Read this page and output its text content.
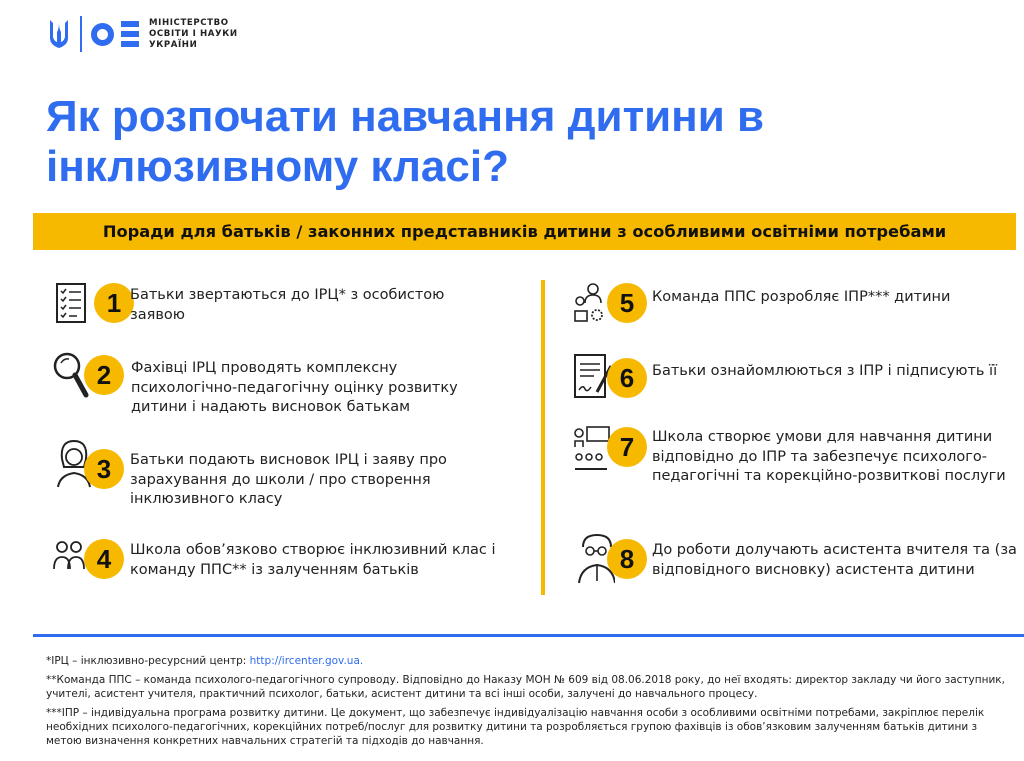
МІНІСТЕРСТВО
ОСВІТИ І НАУКИ
УКРАЇНИ
Як розпочати навчання дитини в інклюзивному класі?
Поради для батьків / законних представників дитини з особливими освітніми потребами
1 Батьки звертаються до ІРЦ* з особистою заявою
2 Фахівці ІРЦ проводять комплексну психологічно-педагогічну оцінку розвитку дитини і надають висновок батькам
3 Батьки подають висновок ІРЦ і заяву про зарахування до школи / про створення інклюзивного класу
4 Школа обов’язково створює інклюзивний клас і команду ППС** із залученням батьків
5 Команда ППС розробляє ІПР*** дитини
6 Батьки ознайомлюються з ІПР і підписують її
7 Школа створює умови для навчання дитини відповідно до ІПР та забезпечує психолого-педагогічні та корекційно-розвиткові послуги
8 До роботи долучають асистента вчителя та (за відповідного висновку) асистента дитини

*ІРЦ – інклюзивно-ресурсний центр: http://ircenter.gov.ua.

**Команда ППС – команда психолого-педагогічного супроводу. Відповідно до Наказу МОН № 609 від 08.06.2018 року, до неї входять: директор закладу чи його заступник, учителі, асистент учителя, практичний психолог, батьки, асистент дитини та всі інші особи, залучені до навчального процесу.

***ІПР – індивідуальна програма розвитку дитини. Це документ, що забезпечує індивідуалізацію навчання особи з особливими освітніми потребами, закріплює перелік необхідних психолого-педагогічних, корекційних потреб/послуг для розвитку дитини та розробляється групою фахівців із обов’язковим залученням батьків дитини з метою визначення конкретних навчальних стратегій та підходів до навчання.
